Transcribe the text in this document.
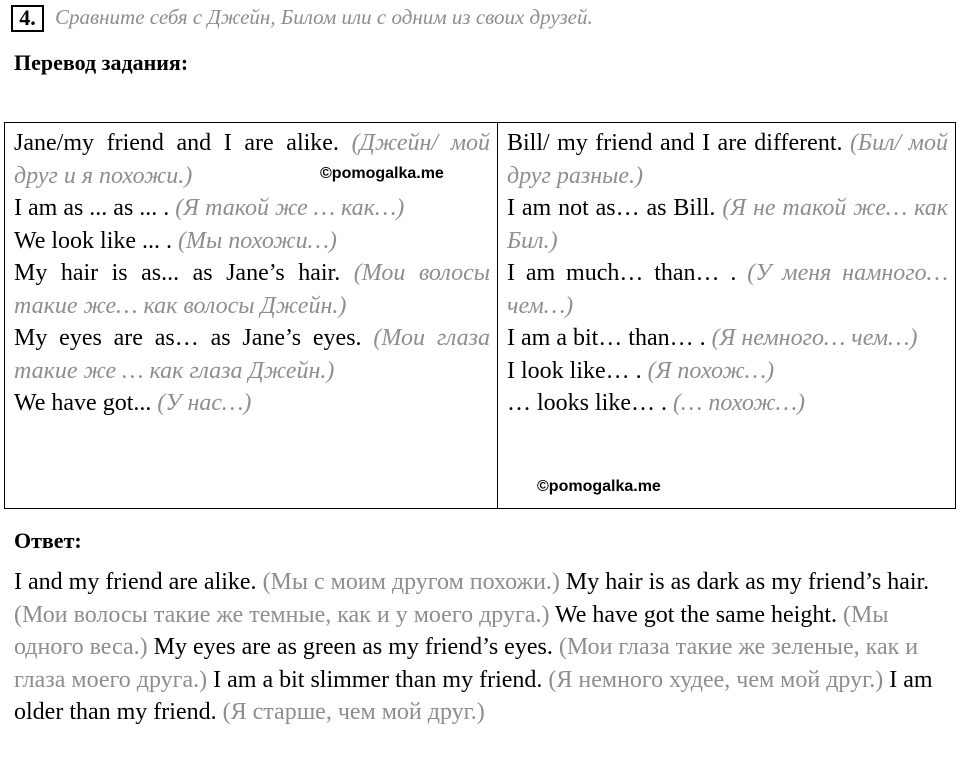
4. Сравните себя с Джейн, Билом или с одним из своих друзей.
Перевод задания:
Jane/my friend and I are alike. (Джейн/ мой друг и я похожи.)
I am as ... as ... . (Я такой же … как…)
We look like ... . (Мы похожи…)
My hair is as... as Jane’s hair. (Мои волосы такие же… как волосы Джейн.)
My eyes are as… as Jane’s eyes. (Мои глаза такие же … как глаза Джейн.)
We have got... (У нас…)

Bill/ my friend and I are different. (Бил/ мой друг разные.)
I am not as… as Bill. (Я не такой же… как Бил.)
I am much… than… . (У меня намного… чем…)
I am a bit… than… . (Я немного… чем…)
I look like… . (Я похож…)
… looks like… . (… похож…)
©pomogalka.me
©pomogalka.me
Ответ:
I and my friend are alike. (Мы с моим другом похожи.) My hair is as dark as my friend’s hair. (Мои волосы такие же темные, как и у моего друга.) We have got the same height. (Мы одного веса.) My eyes are as green as my friend’s eyes. (Мои глаза такие же зеленые, как и глаза моего друга.) I am a bit slimmer than my friend. (Я немного худее, чем мой друг.) I am older than my friend. (Я старше, чем мой друг.)
